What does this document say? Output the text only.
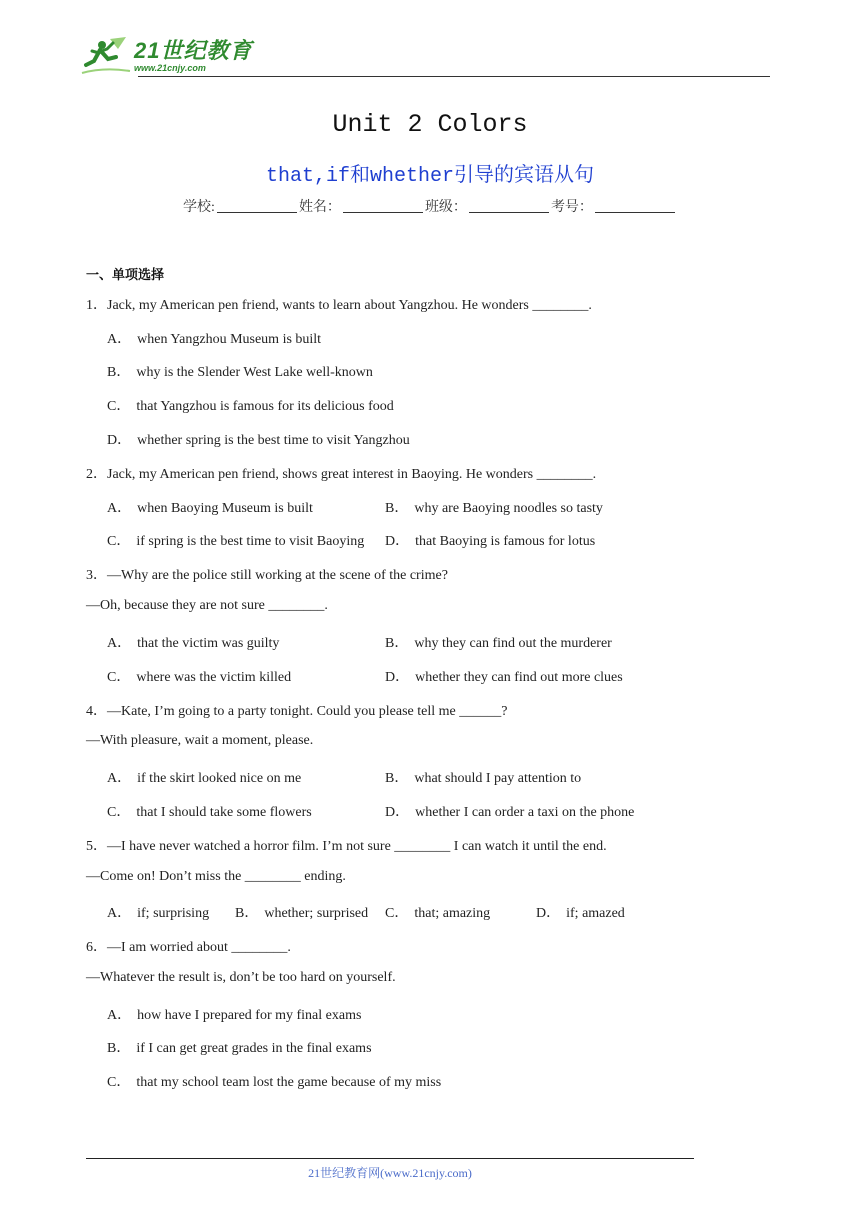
21世纪教育
www.21cnjy.com
Unit 2 Colors
that,if和whether引导的宾语从句
学校:	姓名：	班级：	考号：
一、单项选择
1．Jack, my American pen friend, wants to learn about Yangzhou. He wonders ________.
A． when Yangzhou Museum is built
B． why is the Slender West Lake well-known
C． that Yangzhou is famous for its delicious food
D． whether spring is the best time to visit Yangzhou
2．Jack, my American pen friend, shows great interest in Baoying. He wonders ________.
A． when Baoying Museum is built	B． why are Baoying noodles so tasty
C． if spring is the best time to visit Baoying D． that Baoying is famous for lotus
3．—Why are the police still working at the scene of the crime?
—Oh, because they are not sure ________.
A． that the victim was guilty	B． why they can find out the murderer
C． where was the victim killed	D． whether they can find out more clues
4．—Kate, I’m going to a party tonight. Could you please tell me ______?
—With pleasure, wait a moment, please.
A． if the skirt looked nice on me	B． what should I pay attention to
C． that I should take some flowers	D． whether I can order a taxi on the phone
5．—I have never watched a horror film. I’m not sure ________ I can watch it until the end.
—Come on! Don’t miss the ________ ending.
A． if; surprising B． whether; surprised C． that; amazing	D． if; amazed
6．—I am worried about ________.
—Whatever the result is, don’t be too hard on yourself.
A． how have I prepared for my final exams
B． if I can get great grades in the final exams
C． that my school team lost the game because of my miss
21世纪教育网(www.21cnjy.com)
